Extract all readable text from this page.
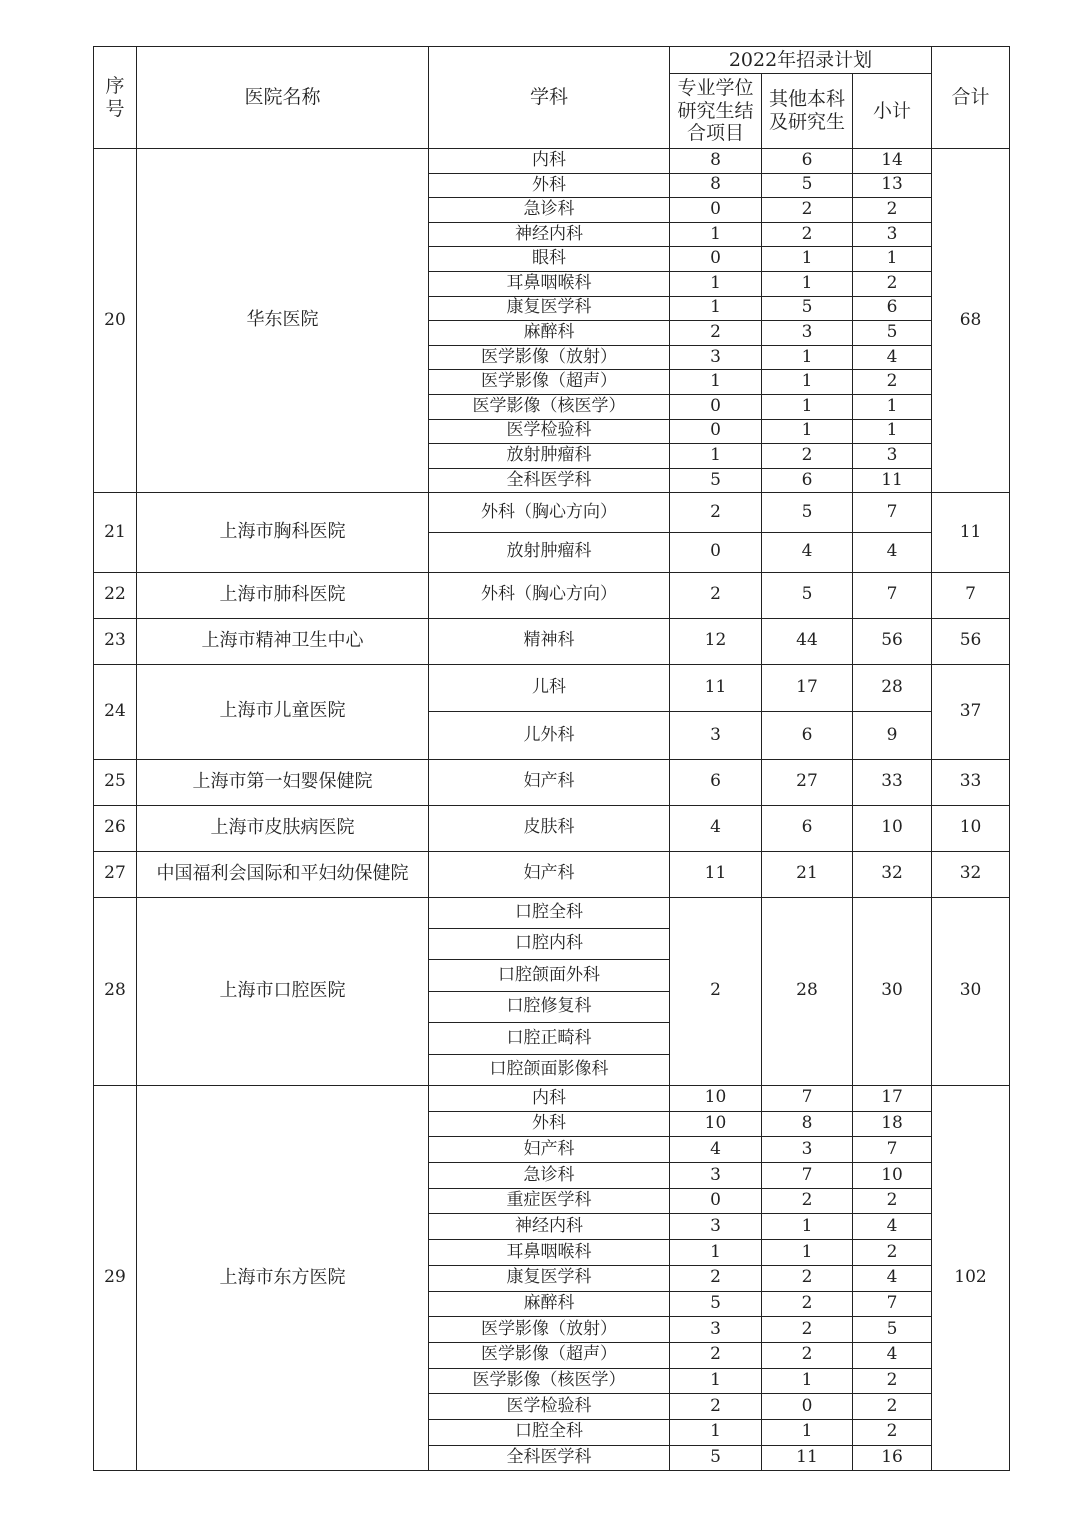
序
号	医院名称	学科	2022年招录计划			合计
			专业学位研究生结合项目	其他本科及研究生	小计	
20	华东医院	内科	8	6	14	68
		外科	8	5	13	
		急诊科	0	2	2	
		神经内科	1	2	3	
		眼科	0	1	1	
		耳鼻咽喉科	1	1	2	
		康复医学科	1	5	6	
		麻醉科	2	3	5	
		医学影像（放射）	3	1	4	
		医学影像（超声）	1	1	2	
		医学影像（核医学）	0	1	1	
		医学检验科	0	1	1	
		放射肿瘤科	1	2	3	
		全科医学科	5	6	11	
21	上海市胸科医院	外科（胸心方向）	2	5	7	11
		放射肿瘤科	0	4	4	
22	上海市肺科医院	外科（胸心方向）	2	5	7	7
23	上海市精神卫生中心	精神科	12	44	56	56
24	上海市儿童医院	儿科	11	17	28	37
		儿外科	3	6	9	
25	上海市第一妇婴保健院	妇产科	6	27	33	33
26	上海市皮肤病医院	皮肤科	4	6	10	10
27	中国福利会国际和平妇幼保健院	妇产科	11	21	32	32
28	上海市口腔医院	口腔全科	2	28	30	30
		口腔内科				
		口腔颌面外科				
		口腔修复科				
		口腔正畸科				
		口腔颌面影像科				
29	上海市东方医院	内科	10	7	17	102
		外科	10	8	18	
		妇产科	4	3	7	
		急诊科	3	7	10	
		重症医学科	0	2	2	
		神经内科	3	1	4	
		耳鼻咽喉科	1	1	2	
		康复医学科	2	2	4	
		麻醉科	5	2	7	
		医学影像（放射）	3	2	5	
		医学影像（超声）	2	2	4	
		医学影像（核医学）	1	1	2	
		医学检验科	2	0	2	
		口腔全科	1	1	2	
		全科医学科	5	11	16	
